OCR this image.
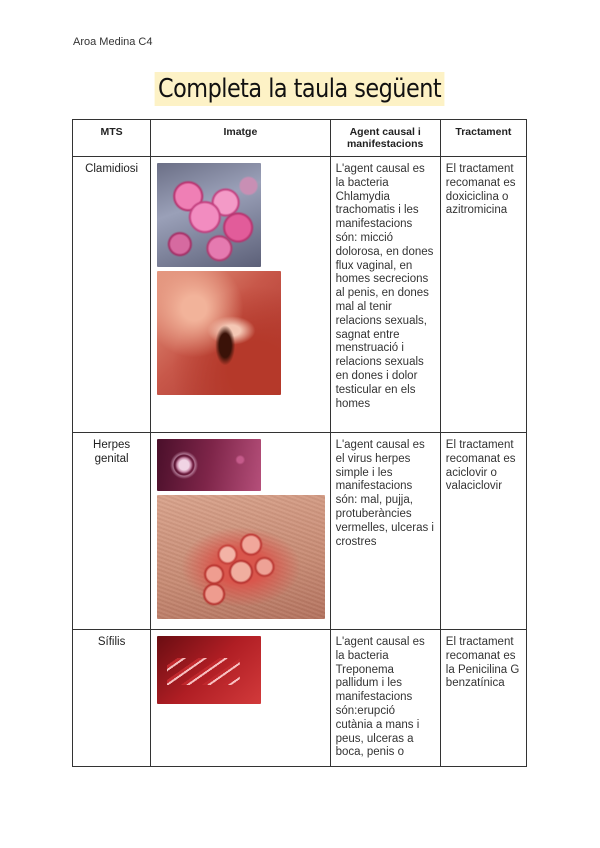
Aroa Medina C4
Completa la taula següent
MTS	Imatge	Agent causal i manifestacions	Tractament
Clamidiosi		L'agent causal es la bacteria Chlamydia trachomatis i les manifestacions són: micció dolorosa, en dones flux vaginal, en homes secrecions al penis, en dones mal al tenir relacions sexuals, sagnat entre menstruació i relacions sexuals en dones i dolor testicular en els homes	El tractament recomanat es doxiciclina o azitromicina
Herpes genital		L'agent causal es el virus herpes simple i les manifestacions són: mal, pujja, protuberàncies vermelles, ulceras i crostres	El tractament recomanat es aciclovir o valaciclovir
Sífilis		L'agent causal es la bacteria Treponema pallidum i les manifestacions són:erupció cutània a mans i peus, ulceras a boca, penis o	El tractament recomanat es la Penicilina G benzatínica
